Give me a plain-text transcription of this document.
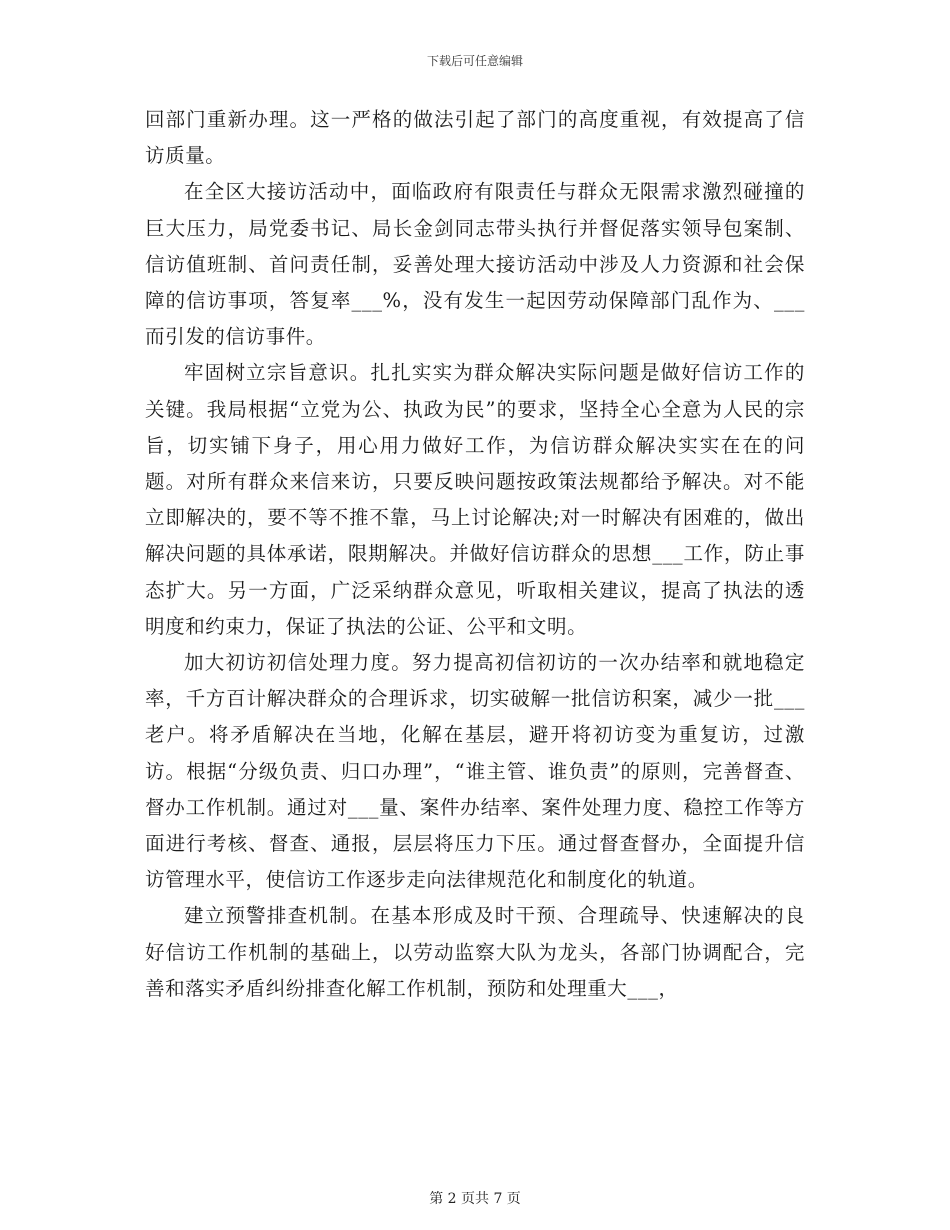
下载后可任意编辑

回部门重新办理。这一严格的做法引起了部门的高度重视，有效提高了信访质量。

在全区大接访活动中，面临政府有限责任与群众无限需求激烈碰撞的巨大压力，局党委书记、局长金剑同志带头执行并督促落实领导包案制、信访值班制、首问责任制，妥善处理大接访活动中涉及人力资源和社会保障的信访事项，答复率___%，没有发生一起因劳动保障部门乱作为、___而引发的信访事件。

牢固树立宗旨意识。扎扎实实为群众解决实际问题是做好信访工作的关键。我局根据“立党为公、执政为民”的要求，坚持全心全意为人民的宗旨，切实铺下身子，用心用力做好工作，为信访群众解决实实在在的问题。对所有群众来信来访，只要反映问题按政策法规都给予解决。对不能立即解决的，要不等不推不靠，马上讨论解决;对一时解决有困难的，做出解决问题的具体承诺，限期解决。并做好信访群众的思想___工作，防止事态扩大。另一方面，广泛采纳群众意见，听取相关建议，提高了执法的透明度和约束力，保证了执法的公证、公平和文明。

加大初访初信处理力度。努力提高初信初访的一次办结率和就地稳定率，千方百计解决群众的合理诉求，切实破解一批信访积案，减少一批___老户。将矛盾解决在当地，化解在基层，避开将初访变为重复访，过激访。根据“分级负责、归口办理”，“谁主管、谁负责”的原则，完善督查、督办工作机制。通过对___量、案件办结率、案件处理力度、稳控工作等方面进行考核、督查、通报，层层将压力下压。通过督查督办，全面提升信访管理水平，使信访工作逐步走向法律规范化和制度化的轨道。

建立预警排查机制。在基本形成及时干预、合理疏导、快速解决的良好信访工作机制的基础上，以劳动监察大队为龙头，各部门协调配合，完善和落实矛盾纠纷排查化解工作机制，预防和处理重大___，

第 2 页共 7 页
